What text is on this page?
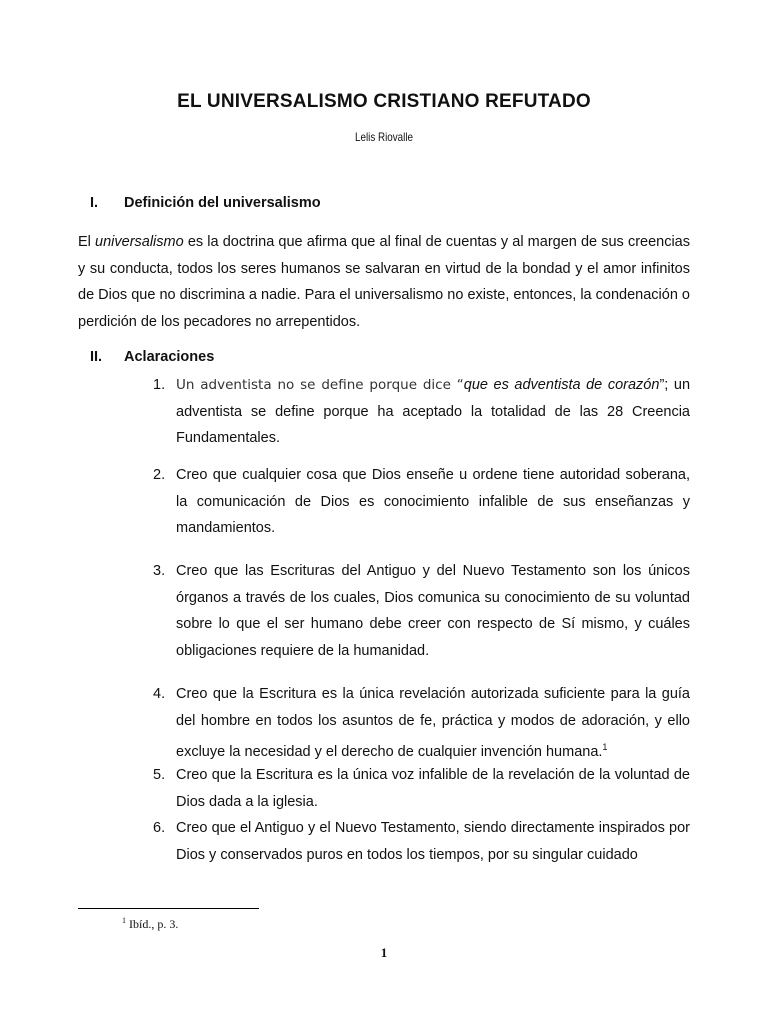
EL UNIVERSALISMO CRISTIANO REFUTADO
Lelis Riovalle
I. Definición del universalismo
El universalismo es la doctrina que afirma que al final de cuentas y al margen de sus creencias y su conducta, todos los seres humanos se salvaran en virtud de la bondad y el amor infinitos de Dios que no discrimina a nadie. Para el universalismo no existe, entonces, la condenación o perdición de los pecadores no arrepentidos.
II. Aclaraciones
1. Un adventista no se define porque dice “que es adventista de corazón”; un adventista se define porque ha aceptado la totalidad de las 28 Creencia Fundamentales.
2. Creo que cualquier cosa que Dios enseñe u ordene tiene autoridad soberana, la comunicación de Dios es conocimiento infalible de sus enseñanzas y mandamientos.
3. Creo que las Escrituras del Antiguo y del Nuevo Testamento son los únicos órganos a través de los cuales, Dios comunica su conocimiento de su voluntad sobre lo que el ser humano debe creer con respecto de Sí mismo, y cuáles obligaciones requiere de la humanidad.
4. Creo que la Escritura es la única revelación autorizada suficiente para la guía del hombre en todos los asuntos de fe, práctica y modos de adoración, y ello excluye la necesidad y el derecho de cualquier invención humana.$^1$
5. Creo que la Escritura es la única voz infalible de la revelación de la voluntad de Dios dada a la iglesia.
6. Creo que el Antiguo y el Nuevo Testamento, siendo directamente inspirados por Dios y conservados puros en todos los tiempos, por su singular cuidado
$^1$ Ibíd., p. 3.
1
